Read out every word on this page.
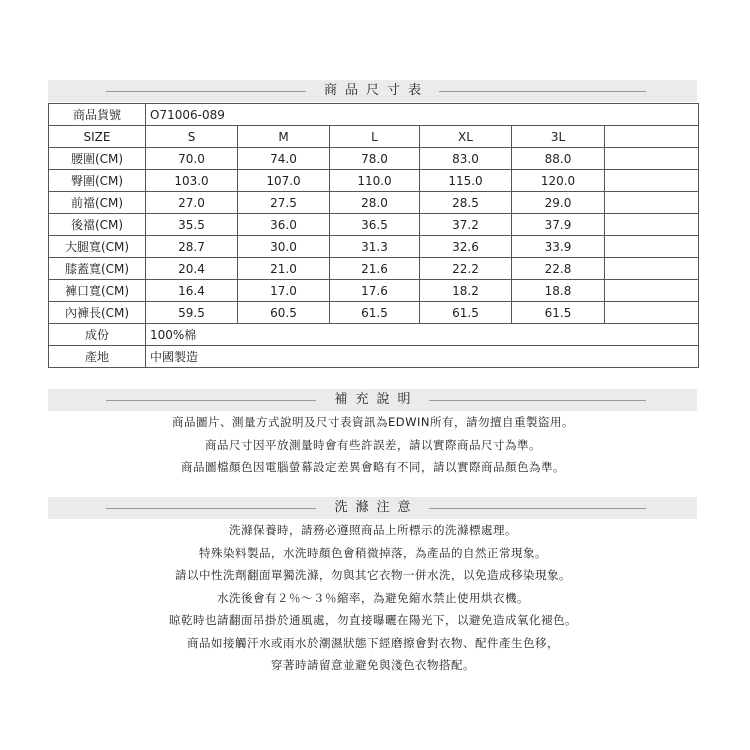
商品尺寸表
商品貨號	O71006-089					
SIZE	S	M	L	XL	3L	
腰圍(CM)	70.0	74.0	78.0	83.0	88.0	
臀圍(CM)	103.0	107.0	110.0	115.0	120.0	
前襠(CM)	27.0	27.5	28.0	28.5	29.0	
後襠(CM)	35.5	36.0	36.5	37.2	37.9	
大腿寬(CM)	28.7	30.0	31.3	32.6	33.9	
膝蓋寬(CM)	20.4	21.0	21.6	22.2	22.8	
褲口寬(CM)	16.4	17.0	17.6	18.2	18.8	
內褲長(CM)	59.5	60.5	61.5	61.5	61.5	
成份	100%棉					
產地	中國製造					
補充說明
商品圖片、測量方式說明及尺寸表資訊為EDWIN所有，請勿擅自重製盜用。
商品尺寸因平放測量時會有些許誤差，請以實際商品尺寸為準。
商品圖檔顏色因電腦螢幕設定差異會略有不同，請以實際商品顏色為準。
洗滌注意
洗滌保養時，請務必遵照商品上所標示的洗滌標處理。
特殊染料製品，水洗時顏色會稍微掉落，為產品的自然正常現象。
請以中性洗劑翻面單獨洗滌，勿與其它衣物一併水洗，以免造成移染現象。
水洗後會有２％～３％縮率，為避免縮水禁止使用烘衣機。
晾乾時也請翻面吊掛於通風處，勿直接曝曬在陽光下，以避免造成氧化褪色。
商品如接觸汗水或雨水於潮濕狀態下經磨擦會對衣物、配件產生色移，
穿著時請留意並避免與淺色衣物搭配。
